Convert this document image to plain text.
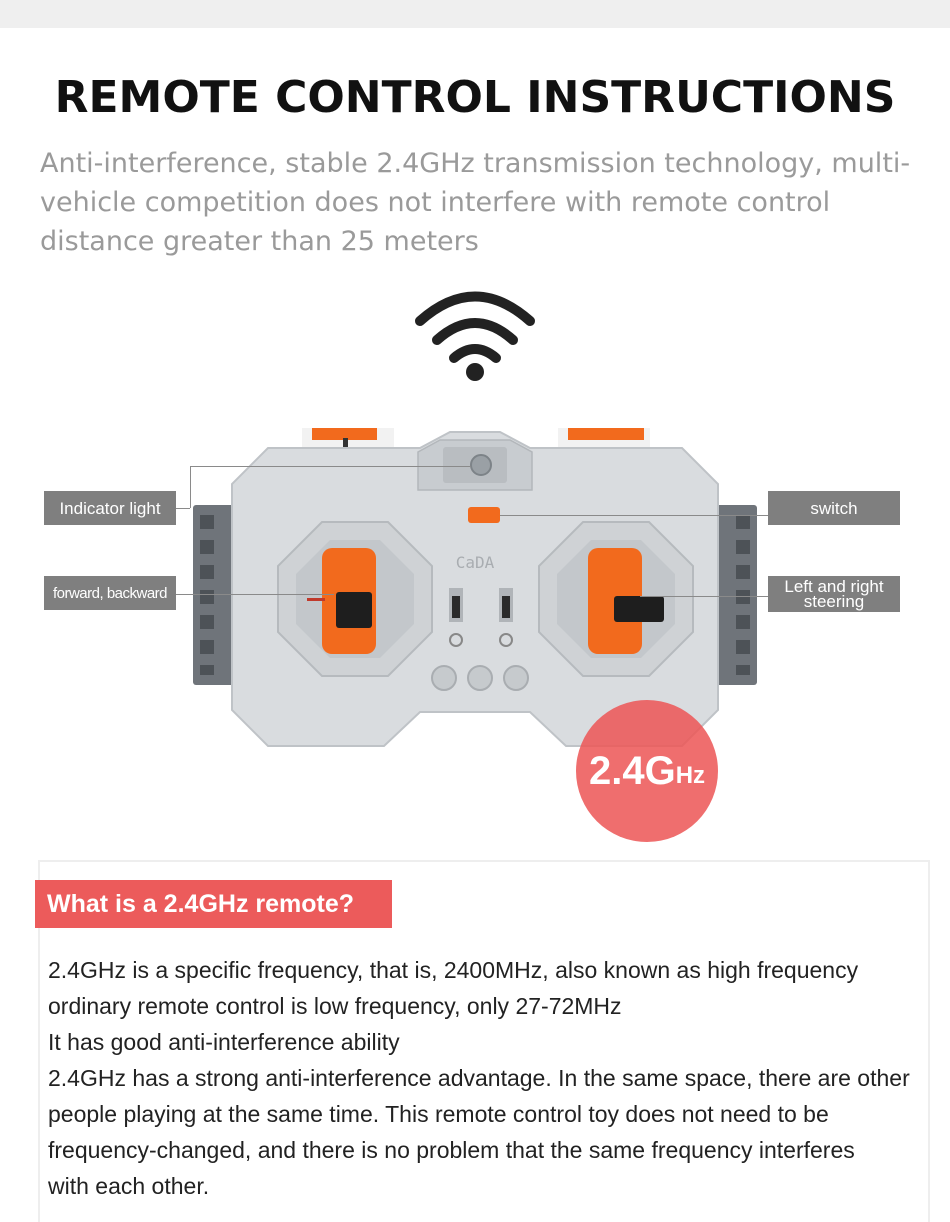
REMOTE CONTROL INSTRUCTIONS

Anti-interference, stable 2.4GHz transmission technology, multi-vehicle competition does not interfere with remote control distance greater than 25 meters

CaDA
Indicator light
forward, backward
switch
Left and right
steering
2.4G Hz
What is a 2.4GHz remote?

2.4GHz is a specific frequency, that is, 2400MHz, also known as high frequency
ordinary remote control is low frequency, only 27-72MHz
It has good anti-interference ability
2.4GHz has a strong anti-interference advantage. In the same space, there are other
people playing at the same time. This remote control toy does not need to be
frequency-changed, and there is no problem that the same frequency interferes
with each other.
